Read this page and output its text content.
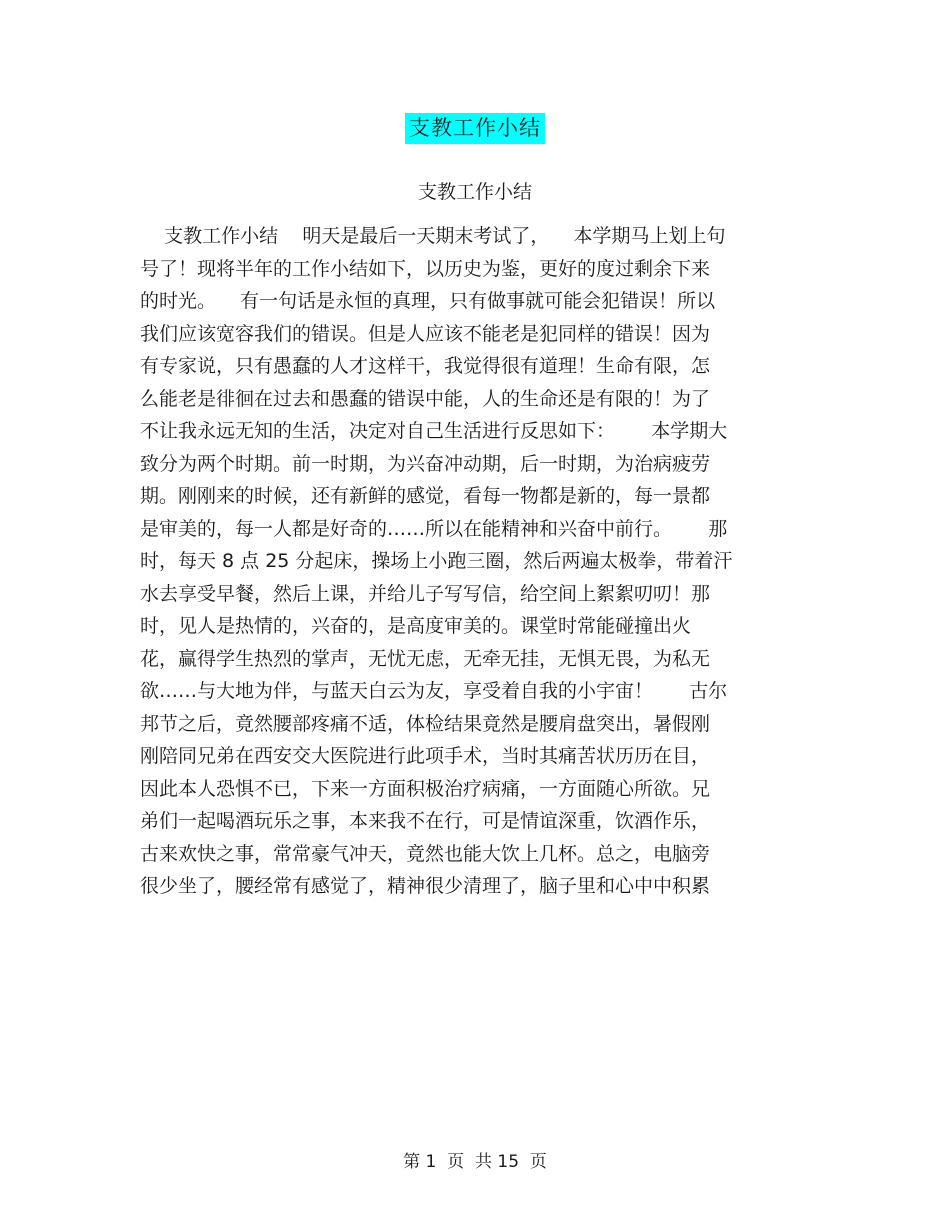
支教工作小结
支教工作小结
支教工作小结    明天是最后一天期末考试了，    本学期马上划上句
号了！现将半年的工作小结如下，以历史为鉴，更好的度过剩余下来
的时光。    有一句话是永恒的真理，只有做事就可能会犯错误！所以
我们应该宽容我们的错误。但是人应该不能老是犯同样的错误！因为
有专家说，只有愚蠢的人才这样干，我觉得很有道理！生命有限，怎
么能老是徘徊在过去和愚蠢的错误中能，人的生命还是有限的！为了
不让我永远无知的生活，决定对自己生活进行反思如下：      本学期大
致分为两个时期。前一时期，为兴奋冲动期，后一时期，为治病疲劳
期。刚刚来的时候，还有新鲜的感觉，看每一物都是新的，每一景都
是审美的，每一人都是好奇的……所以在能精神和兴奋中前行。      那
时，每天 8 点 25 分起床，操场上小跑三圈，然后两遍太极拳，带着汗
水去享受早餐，然后上课，并给儿子写写信，给空间上絮絮叨叨！那
时，见人是热情的，兴奋的，是高度审美的。课堂时常能碰撞出火
花，赢得学生热烈的掌声，无忧无虑，无牵无挂，无惧无畏，为私无
欲……与大地为伴，与蓝天白云为友，享受着自我的小宇宙！      古尔
邦节之后，竟然腰部疼痛不适，体检结果竟然是腰肩盘突出，暑假刚
刚陪同兄弟在西安交大医院进行此项手术，当时其痛苦状历历在目，
因此本人恐惧不已，下来一方面积极治疗病痛，一方面随心所欲。兄
弟们一起喝酒玩乐之事，本来我不在行，可是情谊深重，饮酒作乐，
古来欢快之事，常常豪气冲天，竟然也能大饮上几杯。总之，电脑旁
很少坐了，腰经常有感觉了，精神很少清理了，脑子里和心中中积累
第 1  页  共 15  页
